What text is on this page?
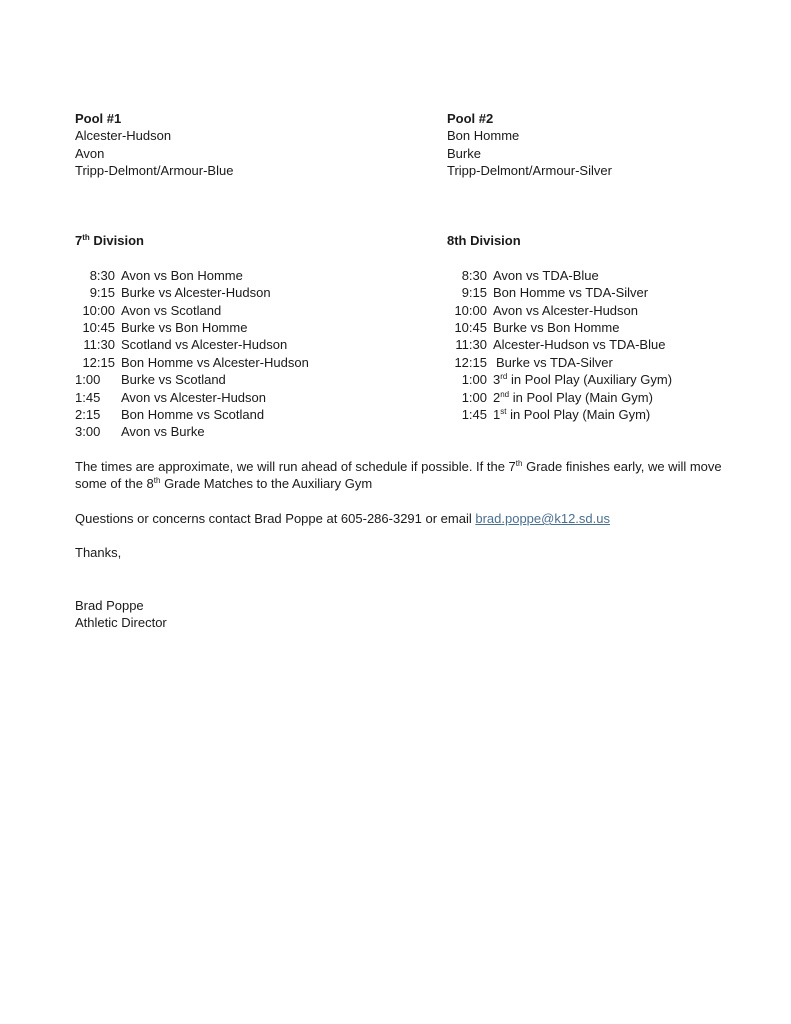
Pool #1
Alcester-Hudson
Avon
Tripp-Delmont/Armour-Blue
Pool #2
Bon Homme
Burke
Tripp-Delmont/Armour-Silver
7th Division
8:30 Avon vs Bon Homme
9:15 Burke vs Alcester-Hudson
10:00 Avon vs Scotland
10:45 Burke vs Bon Homme
11:30 Scotland vs Alcester-Hudson
12:15 Bon Homme vs Alcester-Hudson
1:00	Burke vs Scotland
1:45	Avon vs Alcester-Hudson
2:15	Bon Homme vs Scotland
3:00	Avon vs Burke
8th Division
8:30 Avon vs TDA-Blue
9:15 Bon Homme vs TDA-Silver
10:00 Avon vs Alcester-Hudson
10:45 Burke vs Bon Homme
11:30 Alcester-Hudson vs TDA-Blue
12:15 Burke vs TDA-Silver
1:00 3rd in Pool Play (Auxiliary Gym)
1:00 2nd in Pool Play (Main Gym)
1:45 1st in Pool Play (Main Gym)
The times are approximate, we will run ahead of schedule if possible. If the 7th Grade finishes early, we will move some of the 8th Grade Matches to the Auxiliary Gym
Questions or concerns contact Brad Poppe at 605-286-3291 or email brad.poppe@k12.sd.us
Thanks,
Brad Poppe
Athletic Director
